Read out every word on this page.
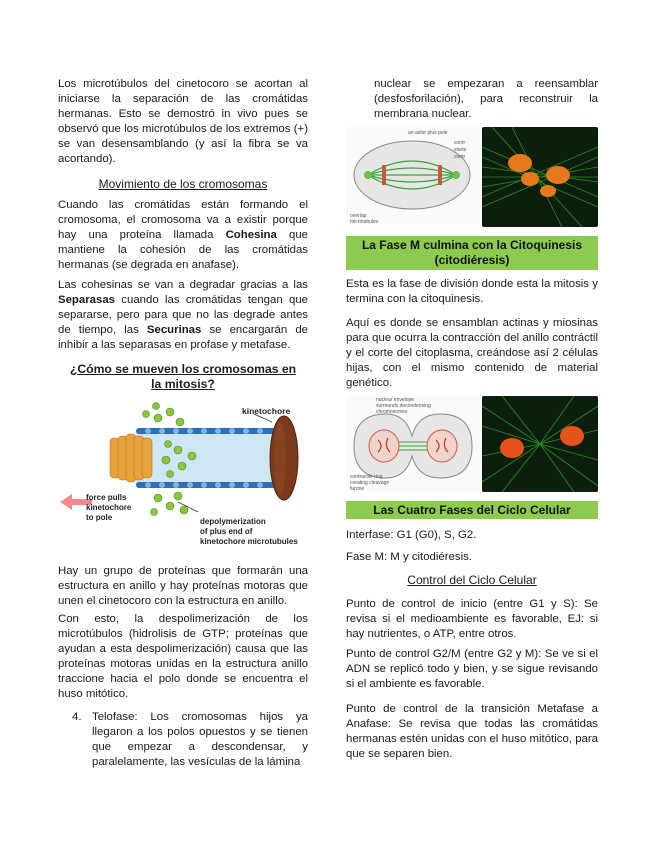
Los microtúbulos del cinetocoro se acortan al iniciarse la separación de las cromátidas hermanas. Esto se demostró in vivo pues se observó que los microtúbulos de los extremos (+) se van desensamblando (y así la fibra se va acortando).

Movimiento de los cromosomas

Cuando las cromátidas están formando el cromosoma, el cromosoma va a existir porque hay una proteína llamada Cohesina que mantiene la cohesión de las cromátidas hermanas (se degrada en anafase).

Las cohesinas se van a degradar gracias a las Separasas cuando las cromátidas tengan que separarse, pero para que no las degrade antes de tiempo, las Securinas se encargarán de inhibir a las separasas en profase y metafase.

¿Cómo se mueven los cromosomas en
la mitosis?
kinetochore
force pulls
kinetochore
to pole	depolymerization
of plus end of
kinetochore microtubules

Hay un grupo de proteínas que formarán una estructura en anillo y hay proteínas motoras que unen el cinetocoro con la estructura en anillo.

Con esto, la despolimerización de los microtúbulos (hidrolisis de GTP; proteínas que ayudan a esta despolimerización) causa que las proteínas motoras unidas en la estructura anillo traccione hacia el polo donde se encuentra el huso mitótico.

4. Telofase: Los cromosomas hijos ya llegaron a los polos opuestos y se tienen que empezar a descondensar, y paralelamente, las vesículas de la lámina

nuclear se empezaran a reensamblar (desfosforilación), para reconstruir la membrana nuclear.

an aster plus pole
contr
starts
contr
overlap
microtubules
La Fase M culmina con la Citoquinesis
(citodiéresis)

Esta es la fase de división donde esta la mitosis y termina con la citoquinesis.

Aquí es donde se ensamblan actinas y miosinas para que ocurra la contracción del anillo contráctil y el corte del citoplasma, creándose así 2 células hijas, con el mismo contenido de material genético.

nuclear envelope
surrounds decondensing
chromosomes
contractile ring
creating cleavage
furrow
Las Cuatro Fases del Ciclo Celular

Interfase: G1 (G0), S, G2.

Fase M: M y citodiéresis.

Control del Ciclo Celular

Punto de control de inicio (entre G1 y S): Se revisa si el medioambiente es favorable, EJ: si hay nutrientes, o ATP, entre otros.

Punto de control G2/M (entre G2 y M): Se ve si el ADN se replicó todo y bien, y se sigue revisando si el ambiente es favorable.

Punto de control de la transición Metafase a Anafase: Se revisa que todas las cromátidas hermanas estén unidas con el huso mitótico, para que se separen bien.
